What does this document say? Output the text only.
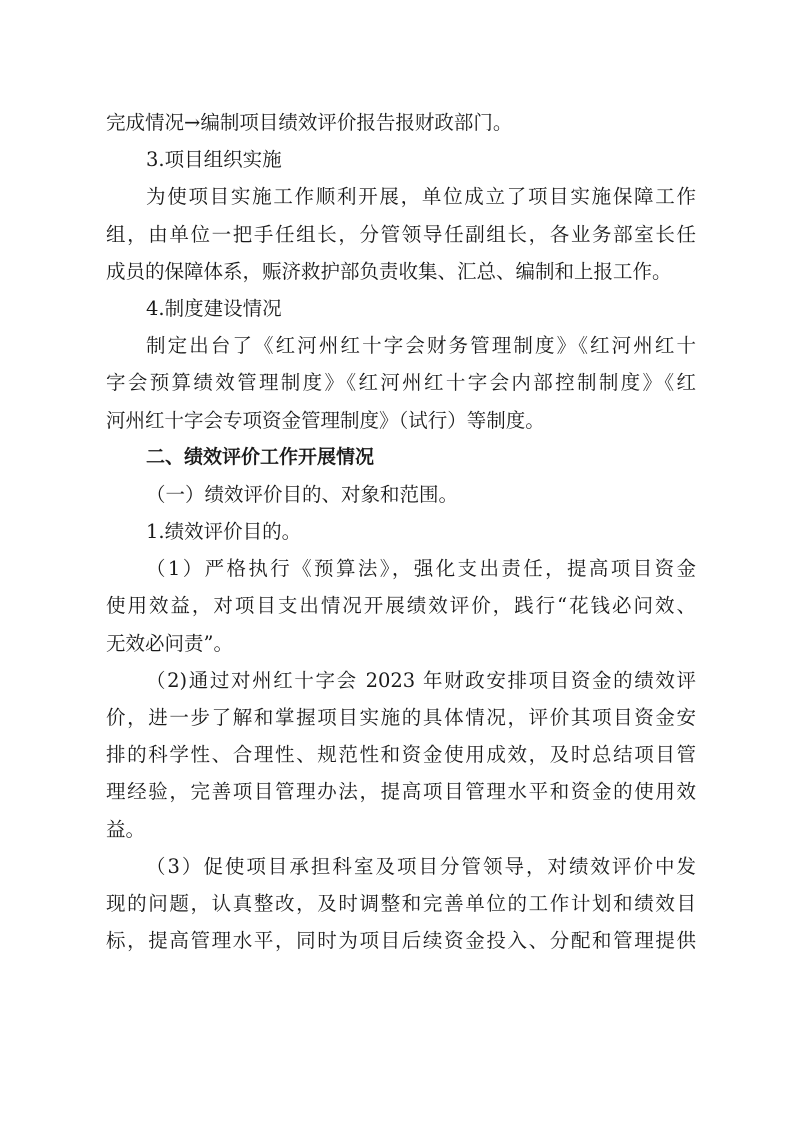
完成情况→编制项目绩效评价报告报财政部门。
3.项目组织实施
为使项目实施工作顺利开展，单位成立了项目实施保障工作
组，由单位一把手任组长，分管领导任副组长，各业务部室长任
成员的保障体系，赈济救护部负责收集、汇总、编制和上报工作。
4.制度建设情况
制定出台了《红河州红十字会财务管理制度》《红河州红十
字会预算绩效管理制度》《红河州红十字会内部控制制度》《红
河州红十字会专项资金管理制度》（试行）等制度。
二、绩效评价工作开展情况
（一）绩效评价目的、对象和范围。
1.绩效评价目的。
（1）严格执行《预算法》，强化支出责任，提高项目资金
使用效益，对项目支出情况开展绩效评价，践行“花钱必问效、
无效必问责”。
（2)通过对州红十字会 2023 年财政安排项目资金的绩效评
价，进一步了解和掌握项目实施的具体情况，评价其项目资金安
排的科学性、合理性、规范性和资金使用成效，及时总结项目管
理经验，完善项目管理办法，提高项目管理水平和资金的使用效
益。
（3）促使项目承担科室及项目分管领导，对绩效评价中发
现的问题，认真整改，及时调整和完善单位的工作计划和绩效目
标，提高管理水平，同时为项目后续资金投入、分配和管理提供
